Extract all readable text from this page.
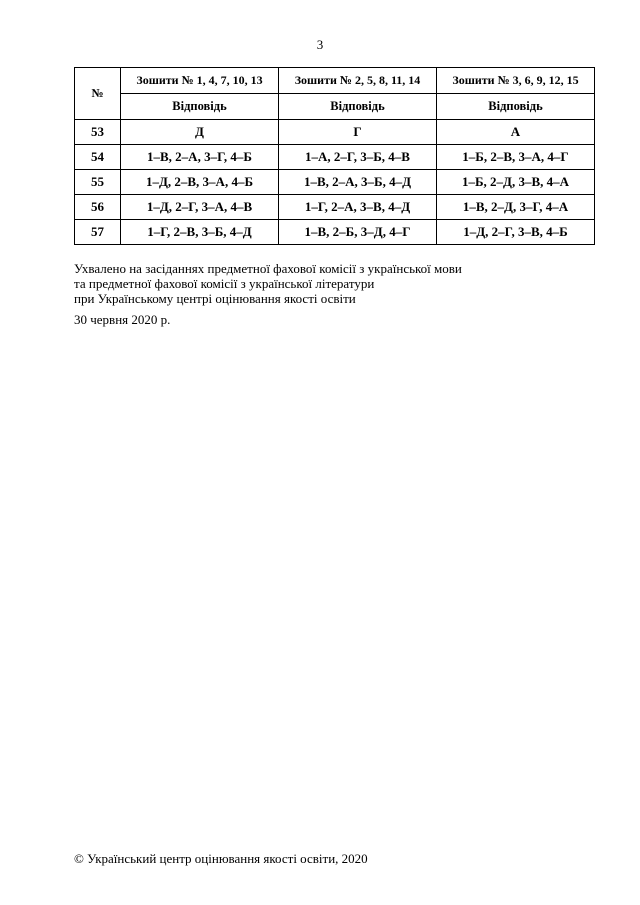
3
№	Зошити № 1, 4, 7, 10, 13	Зошити № 2, 5, 8, 11, 14	Зошити № 3, 6, 9, 12, 15
	Відповідь	Відповідь	Відповідь
53	Д	Г	А
54	1–В, 2–А, 3–Г, 4–Б	1–А, 2–Г, 3–Б, 4–В	1–Б, 2–В, 3–А, 4–Г
55	1–Д, 2–В, 3–А, 4–Б	1–В, 2–А, 3–Б, 4–Д	1–Б, 2–Д, 3–В, 4–А
56	1–Д, 2–Г, 3–А, 4–В	1–Г, 2–А, 3–В, 4–Д	1–В, 2–Д, 3–Г, 4–А
57	1–Г, 2–В, 3–Б, 4–Д	1–В, 2–Б, 3–Д, 4–Г	1–Д, 2–Г, 3–В, 4–Б
Ухвалено на засіданнях предметної фахової комісії з української мови
та предметної фахової комісії з української літератури
при Українському центрі оцінювання якості освіти
30 червня 2020 р.
© Український центр оцінювання якості освіти, 2020
